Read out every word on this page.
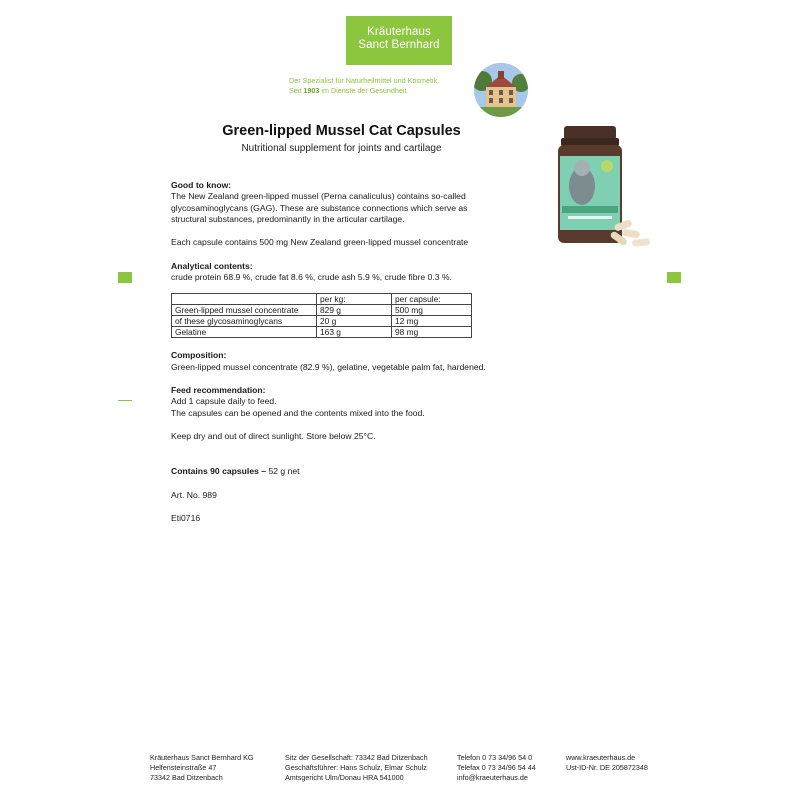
Kräuterhaus
Sanct Bernhard
Der Spezialist für Naturheilmittel und Kosmetik.
Seit 1903 im Dienste der Gesundheit.
Green-lipped Mussel Cat Capsules
Nutritional supplement for joints and cartilage

Good to know:

The New Zealand green-lipped mussel (Perna canaliculus) contains so-called glycosaminoglycans (GAG). These are substance connections which serve as structural substances, predominantly in the articular cartilage.

Each capsule contains 500 mg New Zealand green-lipped mussel concentrate

Analytical contents:

crude protein 68.9 %, crude fat 8.6 %, crude ash 5.9 %, crude fibre 0.3 %.

	per kg:	per capsule:
Green-lipped mussel concentrate	829 g	500 mg
of these glycosaminoglycans	20 g	12 mg
Gelatine	163 g	98 mg

Composition:

Green-lipped mussel concentrate (82.9 %), gelatine, vegetable palm fat, hardened.

Feed recommendation:

Add 1 capsule daily to feed.

The capsules can be opened and the contents mixed into the food.

Keep dry and out of direct sunlight. Store below 25°C.

Contains 90 capsules – 52 g net

Art. No. 989

Eti0716

Kräuterhaus Sanct Bernhard KG
Helfensteinstraße 47
73342 Bad Ditzenbach
Sitz der Gesellschaft: 73342 Bad Ditzenbach
Geschäftsführer: Hans Schulz, Elmar Schulz
Amtsgericht Ulm/Donau HRA 541000
Telefon 0 73 34/96 54 0
Telefax 0 73 34/96 54 44
info@kraeuterhaus.de
www.kraeuterhaus.de
Ust-ID-Nr. DE 205872348
